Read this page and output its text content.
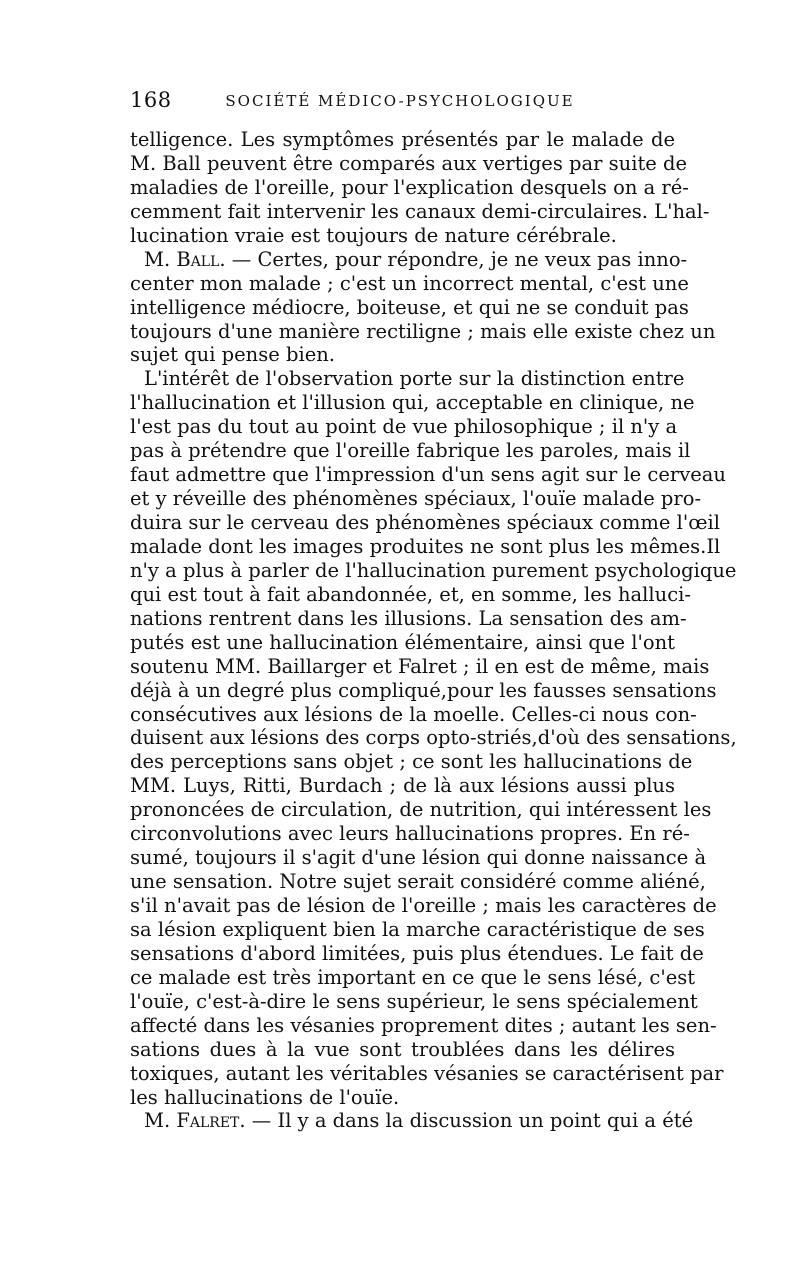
168	SOCIÉTÉ MÉDICO-PSYCHOLOGIQUE
telligence. Les symptômes présentés par le malade de
M. Ball peuvent être comparés aux vertiges par suite de
maladies de l'oreille, pour l'explication desquels on a ré-
cemment fait intervenir les canaux demi-circulaires. L'hal-
lucination vraie est toujours de nature cérébrale.
M. Ball. — Certes, pour répondre, je ne veux pas inno-
center mon malade ; c'est un incorrect mental, c'est une
intelligence médiocre, boiteuse, et qui ne se conduit pas
toujours d'une manière rectiligne ; mais elle existe chez un
sujet qui pense bien.
L'intérêt de l'observation porte sur la distinction entre
l'hallucination et l'illusion qui, acceptable en clinique, ne
l'est pas du tout au point de vue philosophique ; il n'y a
pas à prétendre que l'oreille fabrique les paroles, mais il
faut admettre que l'impression d'un sens agit sur le cerveau
et y réveille des phénomènes spéciaux, l'ouïe malade pro-
duira sur le cerveau des phénomènes spéciaux comme l'œil
malade dont les images produites ne sont plus les mêmes.Il
n'y a plus à parler de l'hallucination purement psychologique
qui est tout à fait abandonnée, et, en somme, les halluci-
nations rentrent dans les illusions. La sensation des am-
putés est une hallucination élémentaire, ainsi que l'ont
soutenu MM. Baillarger et Falret ; il en est de même, mais
déjà à un degré plus compliqué,pour les fausses sensations
consécutives aux lésions de la moelle. Celles-ci nous con-
duisent aux lésions des corps opto-striés,d'où des sensations,
des perceptions sans objet ; ce sont les hallucinations de
MM. Luys, Ritti, Burdach ; de là aux lésions aussi plus
prononcées de circulation, de nutrition, qui intéressent les
circonvolutions avec leurs hallucinations propres. En ré-
sumé, toujours il s'agit d'une lésion qui donne naissance à
une sensation. Notre sujet serait considéré comme aliéné,
s'il n'avait pas de lésion de l'oreille ; mais les caractères de
sa lésion expliquent bien la marche caractéristique de ses
sensations d'abord limitées, puis plus étendues. Le fait de
ce malade est très important en ce que le sens lésé, c'est
l'ouïe, c'est-à-dire le sens supérieur, le sens spécialement
affecté dans les vésanies proprement dites ; autant les sen-
sations dues à la vue sont troublées dans les délires
toxiques, autant les véritables vésanies se caractérisent par
les hallucinations de l'ouïe.
M. Falret. — Il y a dans la discussion un point qui a été
